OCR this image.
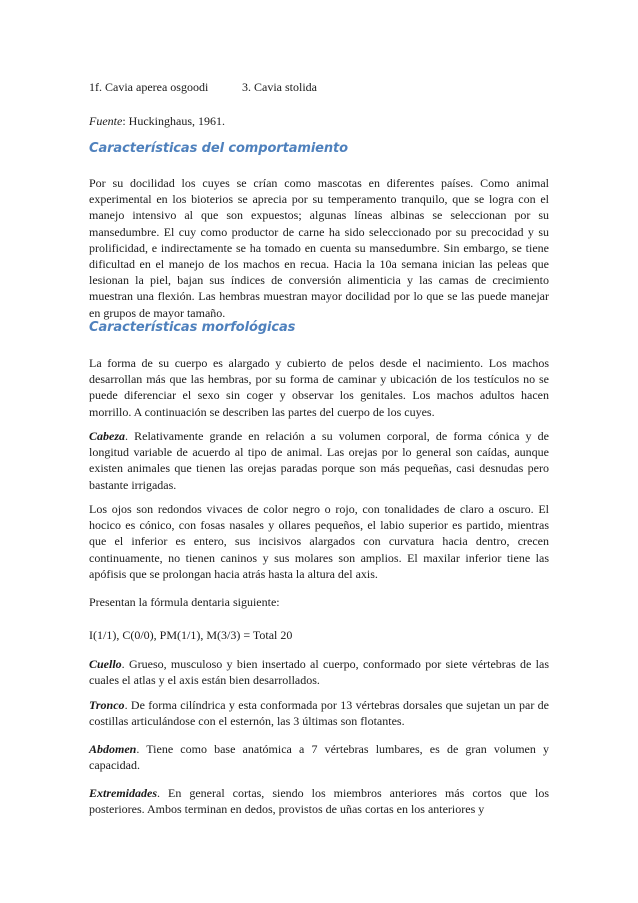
1f. Cavia aperea osgoodi	3. Cavia stolida
Fuente: Huckinghaus, 1961.
Características del comportamiento
Por su docilidad los cuyes se crían como mascotas en diferentes países. Como animal experimental en los bioterios se aprecia por su temperamento tranquilo, que se logra con el manejo intensivo al que son expuestos; algunas líneas albinas se seleccionan por su mansedumbre. El cuy como productor de carne ha sido seleccionado por su precocidad y su prolificidad, e indirectamente se ha tomado en cuenta su mansedumbre. Sin embargo, se tiene dificultad en el manejo de los machos en recua. Hacia la 10a semana inician las peleas que lesionan la piel, bajan sus índices de conversión alimenticia y las camas de crecimiento muestran una flexión. Las hembras muestran mayor docilidad por lo que se las puede manejar en grupos de mayor tamaño.
Características morfológicas
La forma de su cuerpo es alargado y cubierto de pelos desde el nacimiento. Los machos desarrollan más que las hembras, por su forma de caminar y ubicación de los testículos no se puede diferenciar el sexo sin coger y observar los genitales. Los machos adultos hacen morrillo. A continuación se describen las partes del cuerpo de los cuyes.
Cabeza. Relativamente grande en relación a su volumen corporal, de forma cónica y de longitud variable de acuerdo al tipo de animal. Las orejas por lo general son caídas, aunque existen animales que tienen las orejas paradas porque son más pequeñas, casi desnudas pero bastante irrigadas.
Los ojos son redondos vivaces de color negro o rojo, con tonalidades de claro a oscuro. El hocico es cónico, con fosas nasales y ollares pequeños, el labio superior es partido, mientras que el inferior es entero, sus incisivos alargados con curvatura hacia dentro, crecen continuamente, no tienen caninos y sus molares son amplios. El maxilar inferior tiene las apófisis que se prolongan hacia atrás hasta la altura del axis.
Presentan la fórmula dentaria siguiente:
I(1/1), C(0/0), PM(1/1), M(3/3) = Total 20
Cuello. Grueso, musculoso y bien insertado al cuerpo, conformado por siete vértebras de las cuales el atlas y el axis están bien desarrollados.
Tronco. De forma cilíndrica y esta conformada por 13 vértebras dorsales que sujetan un par de costillas articulándose con el esternón, las 3 últimas son flotantes.
Abdomen. Tiene como base anatómica a 7 vértebras lumbares, es de gran volumen y capacidad.
Extremidades. En general cortas, siendo los miembros anteriores más cortos que los posteriores. Ambos terminan en dedos, provistos de uñas cortas en los anteriores y
